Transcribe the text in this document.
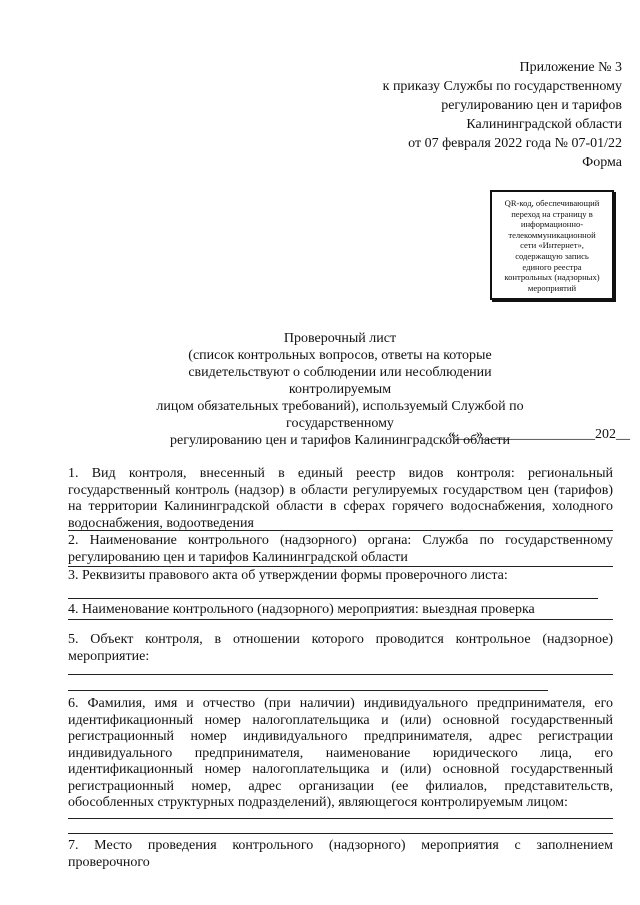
Приложение № 3
к приказу Службы по государственному
регулированию цен и тарифов
Калининградской области
от 07 февраля 2022 года № 07-01/22
Форма
QR-код, обеспечивающий переход на страницу в информационно-телекоммуникационной сети «Интернет», содержащую запись единого реестра контрольных (надзорных) мероприятий
Проверочный лист
(список контрольных вопросов, ответы на которые
свидетельствуют о соблюдении или несоблюдении контролируемым
лицом обязательных требований), используемый Службой по государственному
регулированию цен и тарифов Калининградской области
«___»________________202__
1. Вид контроля, внесенный в единый реестр видов контроля: региональный государственный контроль (надзор) в области регулируемых государством цен (тарифов) на территории Калининградской области в сферах горячего водоснабжения, холодного водоснабжения, водоотведения
2. Наименование контрольного (надзорного) органа: Служба по государственному регулированию цен и тарифов Калининградской области
3. Реквизиты правового акта об утверждении формы проверочного листа:
4. Наименование контрольного (надзорного) мероприятия: выездная проверка
5. Объект контроля, в отношении которого проводится контрольное (надзорное) мероприятие:
6. Фамилия, имя и отчество (при наличии) индивидуального предпринимателя, его идентификационный номер налогоплательщика и (или) основной государственный регистрационный номер индивидуального предпринимателя, адрес регистрации индивидуального предпринимателя, наименование юридического лица, его идентификационный номер налогоплательщика и (или) основной государственный регистрационный номер, адрес организации (ее филиалов, представительств, обособленных структурных подразделений), являющегося контролируемым лицом:
7. Место проведения контрольного (надзорного) мероприятия с заполнением проверочного
